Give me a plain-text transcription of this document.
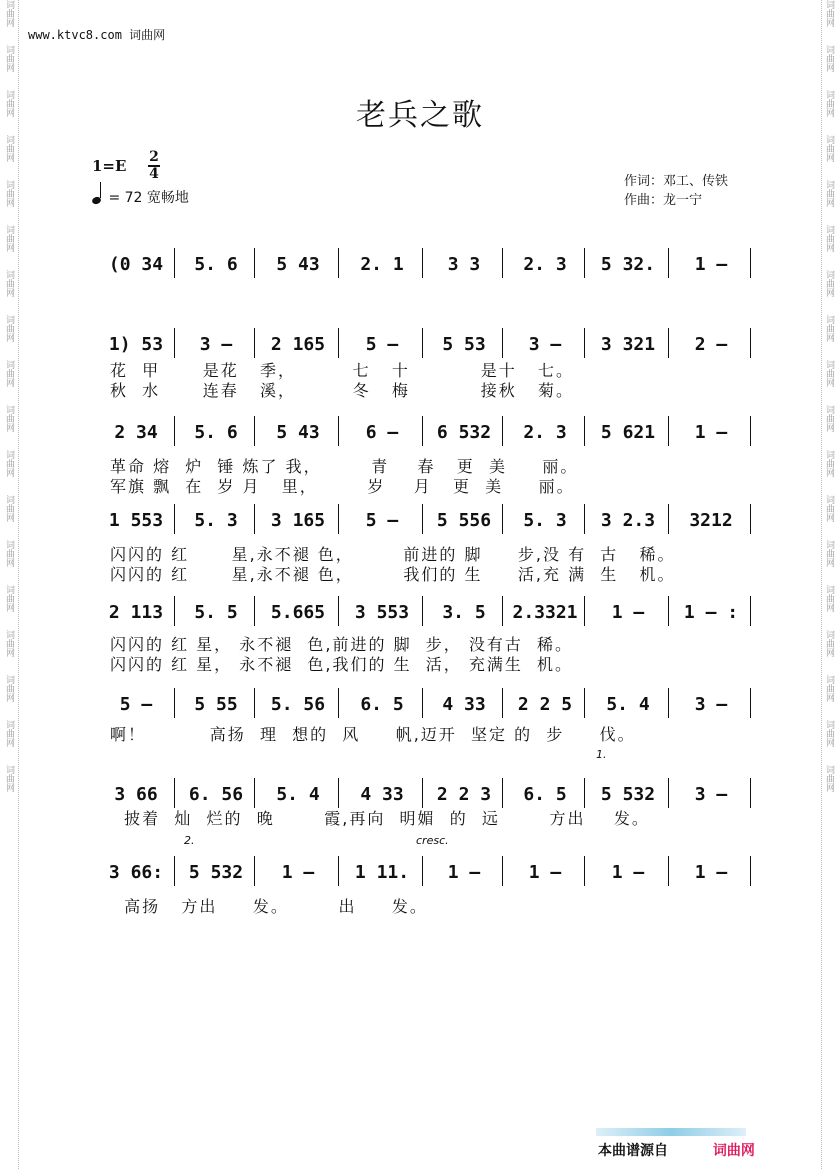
词曲网
词曲网
词曲网
词曲网
词曲网
词曲网
词曲网
词曲网
词曲网
词曲网
词曲网
词曲网
词曲网
词曲网
词曲网
词曲网
词曲网
词曲网
词曲网
词曲网
词曲网
词曲网
词曲网
词曲网
词曲网
词曲网
词曲网
词曲网
词曲网
词曲网
词曲网
词曲网
词曲网
词曲网
词曲网
词曲网
www.ktvc8.com 词曲网
老兵之歌
1=E 2
4
= 72 宽畅地
作词：邓工、传铁
作曲：龙一宁
(0 34	5. 6	5 43	2. 1	3 3	2. 3	5 32.	1 –
1) 53	3 –	2 165	5 –	5 53	3 –	3 321	2 –
花  甲      是花   季，        七   十          是十   七。
秋  水      连春   溪，        冬   梅          接秋   菊。
2 34	5. 6	5 43	6 –	6 532	2. 3	5 621	1 –
革命 熔  炉  锤 炼了 我，       青    春   更  美     丽。
军旗 飘  在  岁 月   里，       岁    月   更  美     丽。
1 553	5. 3	3 165	5 –	5 556	5. 3	3 2.3	3212
闪闪的 红      星,永不褪 色，       前进的 脚     步,没 有  古   稀。
闪闪的 红      星,永不褪 色，       我们的 生     活,充 满  生   机。
2 113	5. 5	5.665	3 553	3. 5	2.3321	1 –	1 – :
闪闪的 红 星， 永不褪  色,前进的 脚  步， 没有古  稀。
闪闪的 红 星， 永不褪  色,我们的 生  活， 充满生  机。
5 –	5 55	5. 56	6. 5	4 33	2 2 5	5. 4	3 –
啊！         高扬  理  想的  风     帆,迈开  坚定 的  步     伐。
3 66	6. 56	5. 4	4 33	2 2 3	6. 5	5 532	3 –
披着  灿  烂的  晚       霞,再向  明媚  的  远       方出    发。
3 66:	5 532	1 –	1 11.	1 –	1 –	1 –	1 –
高扬   方出     发。       出     发。
1.
2.	cresc.
本曲谱源自	词曲网
